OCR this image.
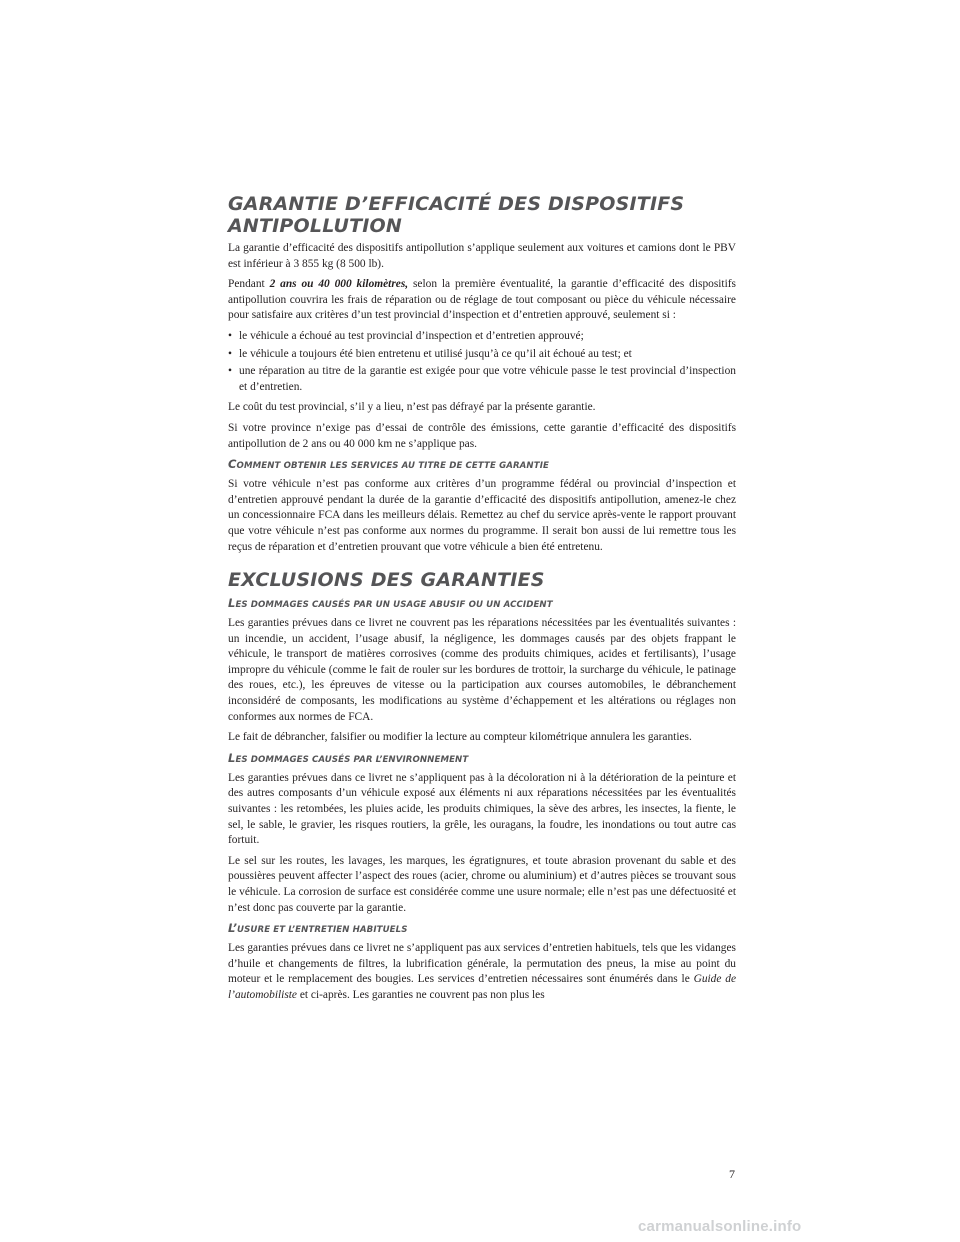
GARANTIE D’EFFICACITÉ DES DISPOSITIFS
ANTIPOLLUTION

La garantie d’efficacité des dispositifs antipollution s’applique seulement aux voitures et camions dont le PBV est inférieur à 3 855 kg (8 500 lb).

Pendant 2 ans ou 40 000 kilomètres, selon la première éventualité, la garantie d’efficacité des dispositifs antipollution couvrira les frais de réparation ou de réglage de tout composant ou pièce du véhicule nécessaire pour satisfaire aux critères d’un test provincial d’inspection et d’entretien approuvé, seulement si :

• le véhicule a échoué au test provincial d’inspection et d’entretien approuvé;
• le véhicule a toujours été bien entretenu et utilisé jusqu’à ce qu’il ait échoué au test; et
• une réparation au titre de la garantie est exigée pour que votre véhicule passe le test provincial d’inspection et d’entretien.

Le coût du test provincial, s’il y a lieu, n’est pas défrayé par la présente garantie.

Si votre province n’exige pas d’essai de contrôle des émissions, cette garantie d’efficacité des dispositifs antipollution de 2 ans ou 40 000 km ne s’applique pas.

COMMENT OBTENIR LES SERVICES AU TITRE DE CETTE GARANTIE

Si votre véhicule n’est pas conforme aux critères d’un programme fédéral ou provincial d’inspection et d’entretien approuvé pendant la durée de la garantie d’efficacité des dispositifs antipollution, amenez-le chez un concessionnaire FCA dans les meilleurs délais. Remettez au chef du service après-vente le rapport prouvant que votre véhicule n’est pas conforme aux normes du programme. Il serait bon aussi de lui remettre tous les reçus de réparation et d’entretien prouvant que votre véhicule a bien été entretenu.

EXCLUSIONS DES GARANTIES
LES DOMMAGES CAUSÉS PAR UN USAGE ABUSIF OU UN ACCIDENT

Les garanties prévues dans ce livret ne couvrent pas les réparations nécessitées par les éventualités suivantes : un incendie, un accident, l’usage abusif, la négligence, les dommages causés par des objets frappant le véhicule, le transport de matières corrosives (comme des produits chimiques, acides et fertilisants), l’usage impropre du véhicule (comme le fait de rouler sur les bordures de trottoir, la surcharge du véhicule, le patinage des roues, etc.), les épreuves de vitesse ou la participation aux courses automobiles, le débranchement inconsidéré de composants, les modifications au système d’échappement et les altérations ou réglages non conformes aux normes de FCA.

Le fait de débrancher, falsifier ou modifier la lecture au compteur kilométrique annulera les garanties.

LES DOMMAGES CAUSÉS PAR L’ENVIRONNEMENT

Les garanties prévues dans ce livret ne s’appliquent pas à la décoloration ni à la détérioration de la peinture et des autres composants d’un véhicule exposé aux éléments ni aux réparations nécessitées par les éventualités suivantes : les retombées, les pluies acide, les produits chimiques, la sève des arbres, les insectes, la fiente, le sel, le sable, le gravier, les risques routiers, la grêle, les ouragans, la foudre, les inondations ou tout autre cas fortuit.

Le sel sur les routes, les lavages, les marques, les égratignures, et toute abrasion provenant du sable et des poussières peuvent affecter l’aspect des roues (acier, chrome ou aluminium) et d’autres pièces se trouvant sous le véhicule. La corrosion de surface est considérée comme une usure normale; elle n’est pas une défectuosité et n’est donc pas couverte par la garantie.

L’USURE ET L’ENTRETIEN HABITUELS

Les garanties prévues dans ce livret ne s’appliquent pas aux services d’entretien habituels, tels que les vidanges d’huile et changements de filtres, la lubrification générale, la permutation des pneus, la mise au point du moteur et le remplacement des bougies. Les services d’entretien nécessaires sont énumérés dans le Guide de l’automobiliste et ci-après. Les garanties ne couvrent pas non plus les

7
carmanualsonline.info
